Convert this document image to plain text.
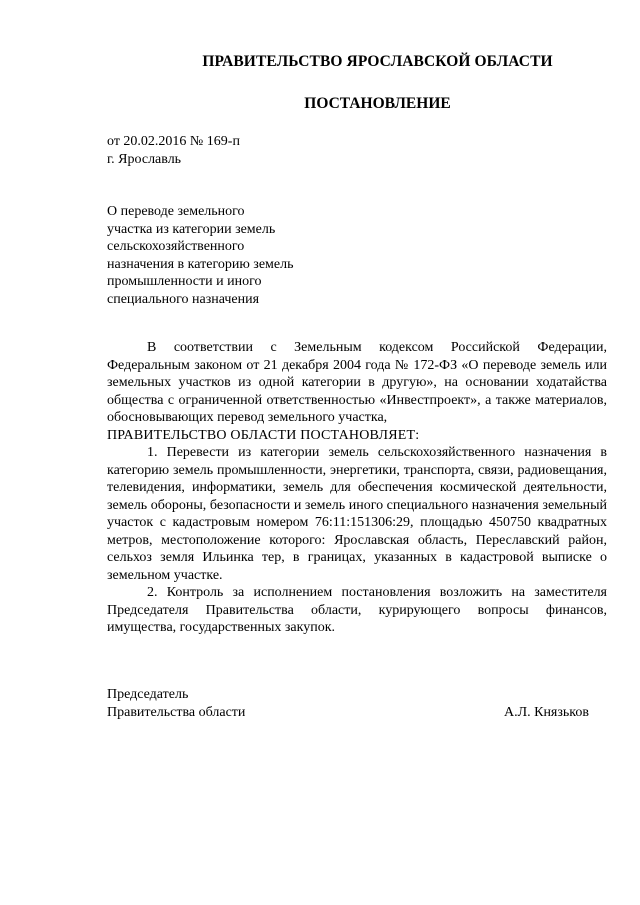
ПРАВИТЕЛЬСТВО ЯРОСЛАВСКОЙ ОБЛАСТИ
ПОСТАНОВЛЕНИЕ
от 20.02.2016 № 169-п
г. Ярославль
О переводе земельного
участка из категории земель
сельскохозяйственного
назначения в категорию земель
промышленности и иного
специального назначения

В соответствии с Земельным кодексом Российской Федерации, Федеральным законом от 21 декабря 2004 года № 172-ФЗ «О переводе земель или земельных участков из одной категории в другую», на основании ходатайства общества с ограниченной ответственностью «Инвестпроект», а также материалов, обосновывающих перевод земельного участка,

ПРАВИТЕЛЬСТВО ОБЛАСТИ ПОСТАНОВЛЯЕТ:

1. Перевести из категории земель сельскохозяйственного назначения в категорию земель промышленности, энергетики, транспорта, связи, радиовещания, телевидения, информатики, земель для обеспечения космической деятельности, земель обороны, безопасности и земель иного специального назначения земельный участок с кадастровым номером 76:11:151306:29, площадью 450750 квадратных метров, местоположение которого: Ярославская область, Переславский район, сельхоз земля Ильинка тер, в границах, указанных в кадастровой выписке о земельном участке.

2. Контроль за исполнением постановления возложить на заместителя Председателя Правительства области, курирующего вопросы финансов, имущества, государственных закупок.

Председатель
Правительства области	А.Л. Князьков
